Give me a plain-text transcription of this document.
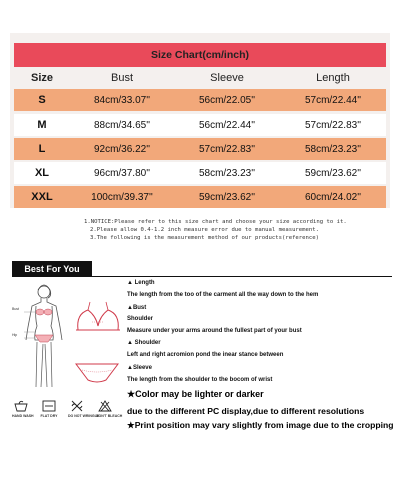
Size Chart(cm/inch)
Size	Bust	Sleeve	Length
S	84cm/33.07''	56cm/22.05''	57cm/22.44''
M	88cm/34.65''	56cm/22.44''	57cm/22.83''
L	92cm/36.22''	57cm/22.83''	58cm/23.23''
XL	96cm/37.80''	58cm/23.23''	59cm/23.62''
XXL	100cm/39.37''	59cm/23.62''	60cm/24.02''
1.NOTICE:Please refer to this size chart and choose your size according to it.
2.Please allow 0.4-1.2 inch measure error due to manual measurement.
3.The following is the measurement method of our products(reference)
Best For You
Bust
Hip
▲ Length
The length from the too of the carment all the way down to the hem
▲Bust
Shoulder
Measure under your arms around the fullest part of your bust
▲ Shoulder
Left and right acromion pond the inear stance between
▲Sleeve
The length from the shoulder to the bocom of wrist
★Color may be lighter or darker
due to the different PC display,due to different resolutions
★Print position may vary slightly from image due to the cropping
HAND WASH FLAT DRY	DO NOT WRINGLE
DON'T BLEACH
